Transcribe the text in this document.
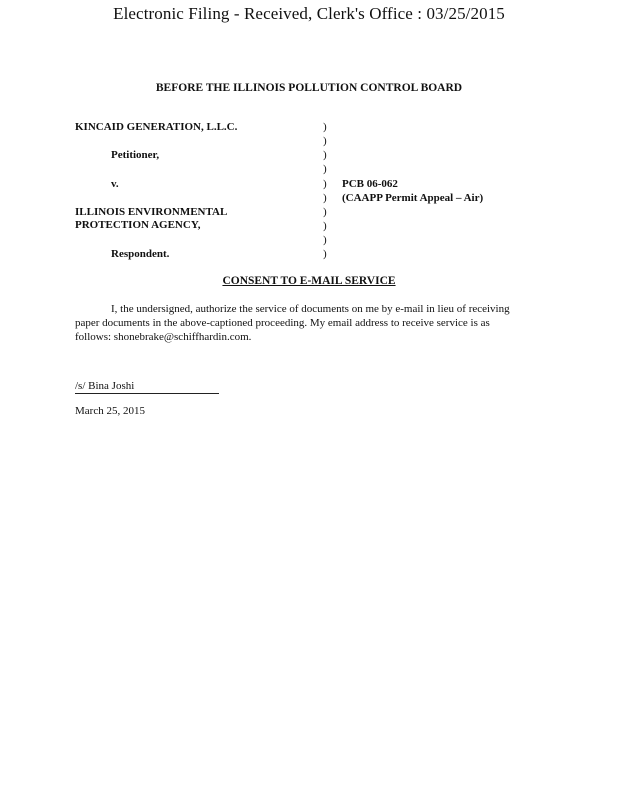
Electronic Filing - Received, Clerk's Office : 03/25/2015
BEFORE THE ILLINOIS POLLUTION CONTROL BOARD
KINCAID GENERATION, L.L.C.
Petitioner,
v.
ILLINOIS ENVIRONMENTAL
PROTECTION AGENCY,
Respondent.
)
)
)
)
)
)
)
)
)
)
PCB 06-062
(CAAPP Permit Appeal – Air)
CONSENT TO E-MAIL SERVICE
I, the undersigned, authorize the service of documents on me by e-mail in lieu of receiving paper documents in the above-captioned proceeding. My email address to receive service is as follows: shonebrake@schiffhardin.com.
/s/ Bina Joshi
March 25, 2015
